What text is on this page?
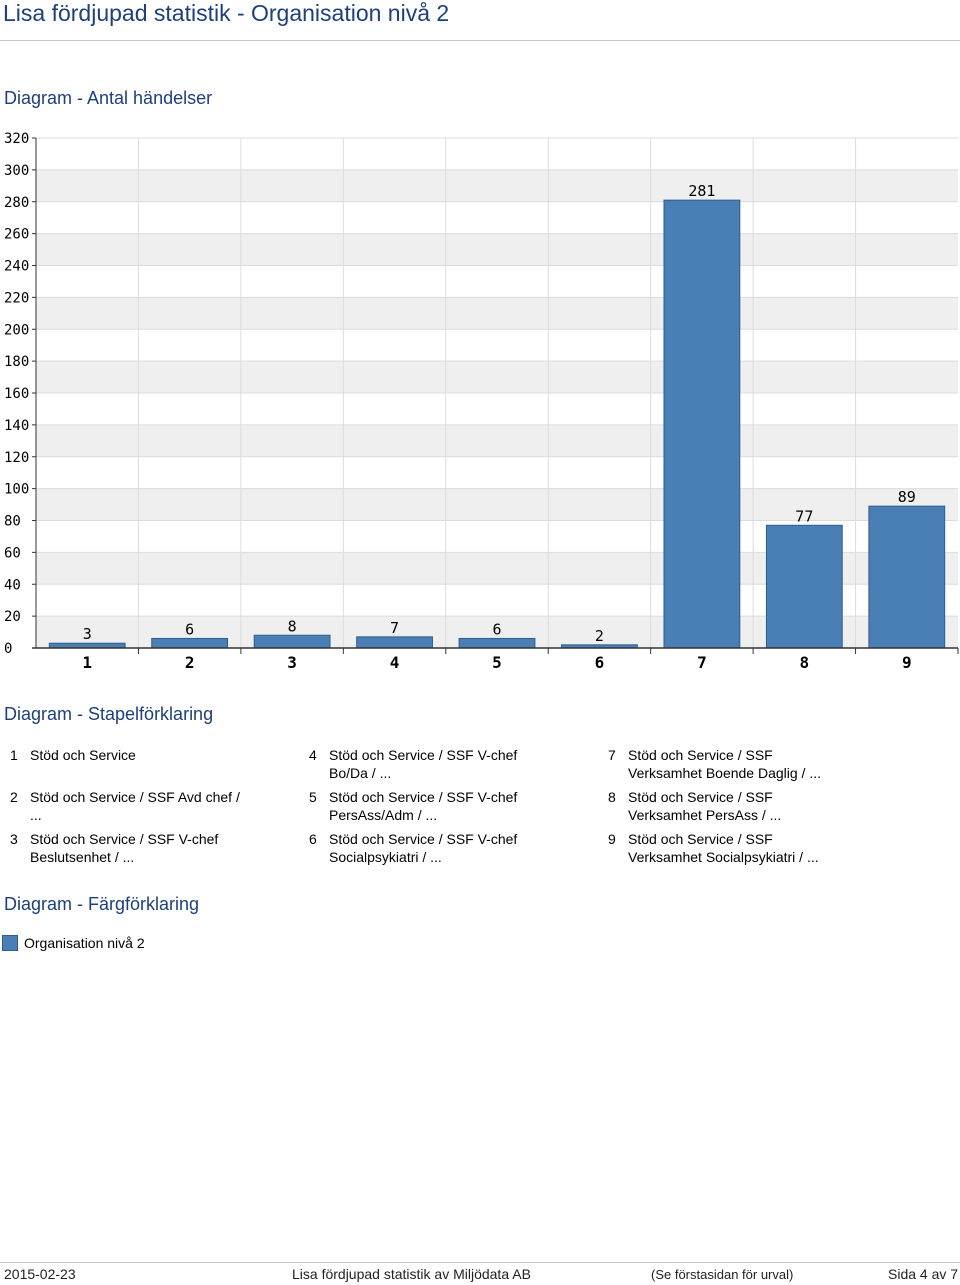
Lisa fördjupad statistik - Organisation nivå 2
Diagram - Antal händelser
0
20
40
60
80
100
120
140
160
180
200
220
240
260
280
300
320
3	6	8	7	6	2
281
77
89
1	2	3	4	5	6	7	8	9
Diagram - Stapelförklaring
1 Stöd och Service
2 Stöd och Service / SSF Avd chef /
...
3 Stöd och Service / SSF V-chef
Beslutsenhet / ...
4 Stöd och Service / SSF V-chef
Bo/Da / ...
5 Stöd och Service / SSF V-chef
PersAss/Adm / ...
6 Stöd och Service / SSF V-chef
Socialpsykiatri / ...
7 Stöd och Service / SSF
Verksamhet Boende Daglig / ...
8 Stöd och Service / SSF
Verksamhet PersAss / ...
9 Stöd och Service / SSF
Verksamhet Socialpsykiatri / ...
Diagram - Färgförklaring
Organisation nivå 2
2015-02-23	Lisa fördjupad statistik av Miljödata AB	(Se förstasidan för urval)	Sida 4 av 7
